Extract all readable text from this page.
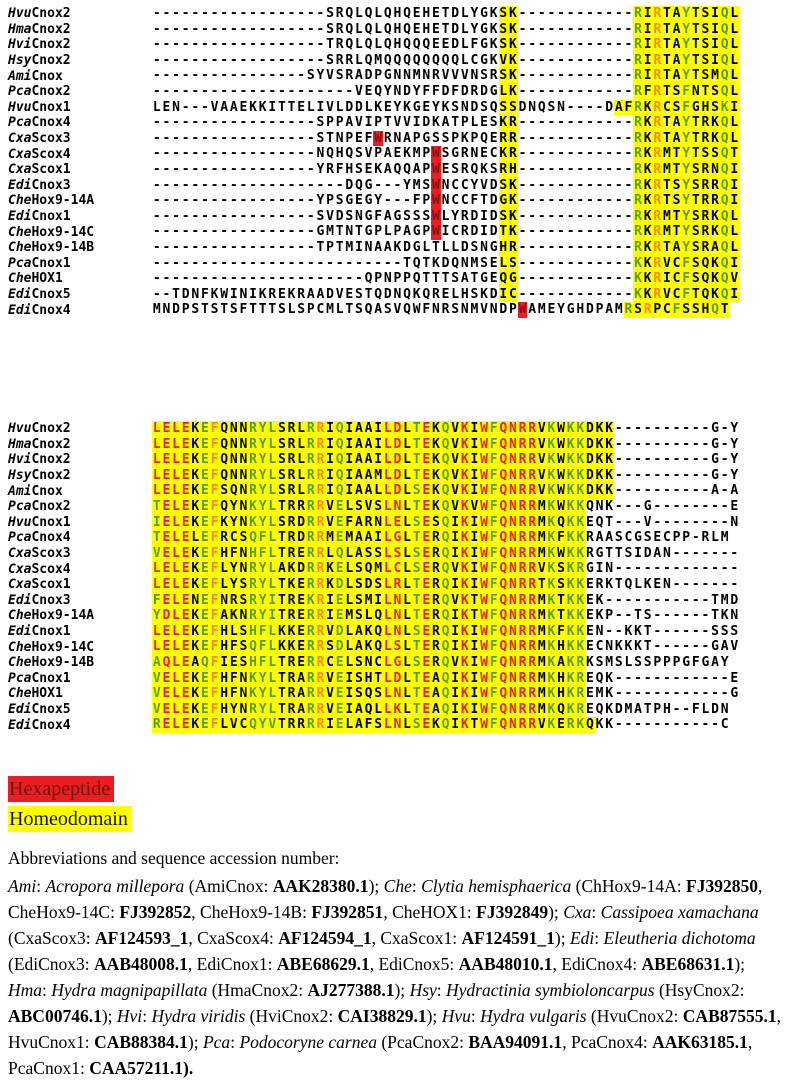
HvuCnox2	- - - - - - - - - - - - - - - - - - S R Q L Q L Q H Q E H E T D L Y G K S K - - - - - - - - - - - - R I R T A Y T S I Q L
HmaCnox2	- - - - - - - - - - - - - - - - - - S R Q L Q L Q H Q E H E T D L Y G K S K - - - - - - - - - - - - R I R T A Y T S I Q L
HviCnox2	- - - - - - - - - - - - - - - - - - T R Q L Q L Q H Q Q Q E E D L F G K S K - - - - - - - - - - - - R I R T A Y T S I Q L
HsyCnox2	- - - - - - - - - - - - - - - - - - S R R L Q M Q Q Q Q Q Q Q Q L C G K V K - - - - - - - - - - - - R I R T A Y T S I Q L
AmiCnox	- - - - - - - - - - - - - - - - S Y V S R A D P G N N M N R V V V N S R S K - - - - - - - - - - - - R I R T A Y T S M Q L
PcaCnox2	- - - - - - - - - - - - - - - - - - - - - V E Q Y N D Y F F D F D R D G L K - - - - - - - - - - - - R F R T S F N T S Q L
HvuCnox1	L E N - - - V A A E K K I T T E L I V L D D L K E Y K G E Y K S N D S Q S S D N Q S N - - - - D A F R K R C S F G H S K I
PcaCnox4	- - - - - - - - - - - - - - - - - S P P A V I P T V V I D K A T P L E S K R - - - - - - - - - - - - R K R T A Y T R K Q L
CxaScox3	- - - - - - - - - - - - - - - - - S T N P E F W R N A P G S S P K P Q E R R - - - - - - - - - - - - R K R T A Y T R K Q L
CxaScox4	- - - - - - - - - - - - - - - - - N Q H Q S V P A E K M P W S G R N E C K R - - - - - - - - - - - - R K R M T Y T S S Q T
CxaScox1	- - - - - - - - - - - - - - - - - Y R F H S E K A Q Q A P W E S R Q K S R H - - - - - - - - - - - - R K R M T Y S R N Q I
EdiCnox3	- - - - - - - - - - - - - - - - - - - - D Q G - - - Y M S W N C C Y V D S K - - - - - - - - - - - - R K R T S Y S R R Q I
CheHox9-14A	- - - - - - - - - - - - - - - - - Y P S G E G Y - - - F P W N C C F T D G K - - - - - - - - - - - - R K R T S Y T R R Q I
EdiCnox1	- - - - - - - - - - - - - - - - - S V D S N G F A G S S S W L Y R D I D S K - - - - - - - - - - - - R K R M T Y S R K Q L
CheHox9-14C	- - - - - - - - - - - - - - - - - G M T N T G P L P A G P W I C R D I D T K - - - - - - - - - - - - R K R M T Y S R K Q L
CheHox9-14B	- - - - - - - - - - - - - - - - - T P T M I N A A K D G L T L L D S N G H R - - - - - - - - - - - - R K R T A Y S R A Q L
PcaCnox1	- - - - - - - - - - - - - - - - - - - - - - - - - - T Q T K D Q N M S E L S - - - - - - - - - - - - K K R V C F S Q K Q I
CheHOX1	- - - - - - - - - - - - - - - - - - - - - - Q P N P P Q T T T S A T G E Q G - - - - - - - - - - - - K K R I C F S Q K Q V
EdiCnox5	- - T D N F K W I N I K R E K R A A D V E S T Q D N Q K Q R E L H S K D I C - - - - - - - - - - - - K K R V C F T Q K Q I
EdiCnox4	M N D P S T S T S F T T T S L S P C M L T S Q A S V Q W F N R S N M V N D P W A M E Y G H D P A M R S R P C F S S H Q T
HvuCnox2	L E L E K E F Q N N R Y L S R L R R I Q I A A I L D L T E K Q V K I W F Q N R R V K W K K D K K - - - - - - - - - - G - Y
HmaCnox2	L E L E K E F Q N N R Y L S R L R R I Q I A A I L D L T E K Q V K I W F Q N R R V K W K K D K K - - - - - - - - - - G - Y
HviCnox2	L E L E K E F Q N N R Y L S R L R R I Q I A A I L D L T E K Q V K I W F Q N R R V K W K K D K K - - - - - - - - - - G - Y
HsyCnox2	L E L E K E F Q N N R Y L S R L R R I Q I A A M L D L T E K Q V K I W F Q N R R V K W K K D K K - - - - - - - - - - G - Y
AmiCnox	L E L E K E F S Q N R Y L S R L R R I Q I A A L L D L S E K Q V K I W F Q N R R V K W K K D K K - - - - - - - - - - A - A
PcaCnox2	T E L E K E F Q Y N K Y L T R R R R V E L S V S L N L T E K Q V K V W F Q N R R M K W K K Q N K - - - G - - - - - - - - E
HvuCnox1	I E L E K E F K Y N K Y L S R D R R V E F A R N L E L S E S Q I K I W F Q N R R M K Q K K E Q T - - - V - - - - - - - - N
PcaCnox4	T E L E L E F R C S Q F L T R D R R M E M A A I L G L T E R Q I K I W F Q N R R M K F K K R A A S C G S E C P P - R L M
CxaScox3	V E L E K E F H F N H F L T R E R R L Q L A S S L S L S E R Q I K I W F Q N R R M K W K K R G T T S I D A N - - - - - - -
CxaScox4	L E L E K E F L Y N R Y L A K D R R K E L S Q M L C L S E R Q V K I W F Q N R R V K S K R G I N - - - - - - - - - - - - -
CxaScox1	L E L E K E F L Y S R Y L T K E R R K D L S D S L R L T E R Q I K I W F Q N R R T K S K K E R K T Q L K E N - - - - - - -
EdiCnox3	F E L E N E F N R S R Y I T R E K R I E L S M I L N L T E R Q V K T W F Q N R R M K T K K E K - - - - - - - - - - - T M D
CheHox9-14A	Y D L E K E F A K N R Y I T R E R R I E M S L Q L N L T E R Q I K T W F Q N R R M K T K K E K P - - T S - - - - - - T K N
EdiCnox1	L E L E K E F H L S H F L K K E R R V D L A K Q L N L S E R Q I K I W F Q N R R M K F K K E N - - K K T - - - - - - S S S
CheHox9-14C	L E L E K E F H F S Q F L K K E R R S D L A K Q L S L T E R Q I K I W F Q N R R M K H K K E C N K K K T - - - - - - G A V
CheHox9-14B	A Q L E A Q F I E S H F L T R E R R C E L S N C L G L S E R Q V K I W F Q N R R M K A K R K S M S L S S P P P G F G A Y
PcaCnox1	V E L E K E F H F N K Y L T R A R R V E I S H T L D L T E A Q I K I W F Q N R R M K H K R E Q K - - - - - - - - - - - - E
CheHOX1	V E L E K E F H F N K Y L T R A R R V E I S Q S L N L T E A Q I K I W F Q N R R M K H K R E M K - - - - - - - - - - - - G
EdiCnox5	V E L E K E F H Y N R Y L T R A R R V E I A Q L L K L T E A Q I K I W F Q N R R M K Q K R E Q K D M A T P H - - F L D N
EdiCnox4	R E L E K E F L V C Q Y V T R R R R I E L A F S L N L S E K Q I K T W F Q N R R V K E R K Q K K - - - - - - - - - - - C
Hexapeptide
Homeodomain
Abbreviations and sequence accession number:
Ami: Acropora millepora (AmiCnox: AAK28380.1); Che: Clytia hemisphaerica (ChHox9-14A: FJ392850, CheHox9-14C: FJ392852, CheHox9-14B: FJ392851, CheHOX1: FJ392849); Cxa: Cassipoea xamachana (CxaScox3: AF124593_1, CxaScox4: AF124594_1, CxaScox1: AF124591_1); Edi: Eleutheria dichotoma (EdiCnox3: AAB48008.1, EdiCnox1: ABE68629.1, EdiCnox5: AAB48010.1, EdiCnox4: ABE68631.1); Hma: Hydra magnipapillata (HmaCnox2: AJ277388.1); Hsy: Hydractinia symbioloncarpus (HsyCnox2: ABC00746.1); Hvi: Hydra viridis (HviCnox2: CAI38829.1); Hvu: Hydra vulgaris (HvuCnox2: CAB87555.1, HvuCnox1: CAB88384.1); Pca: Podocoryne carnea (PcaCnox2: BAA94091.1, PcaCnox4: AAK63185.1, PcaCnox1: CAA57211.1).
